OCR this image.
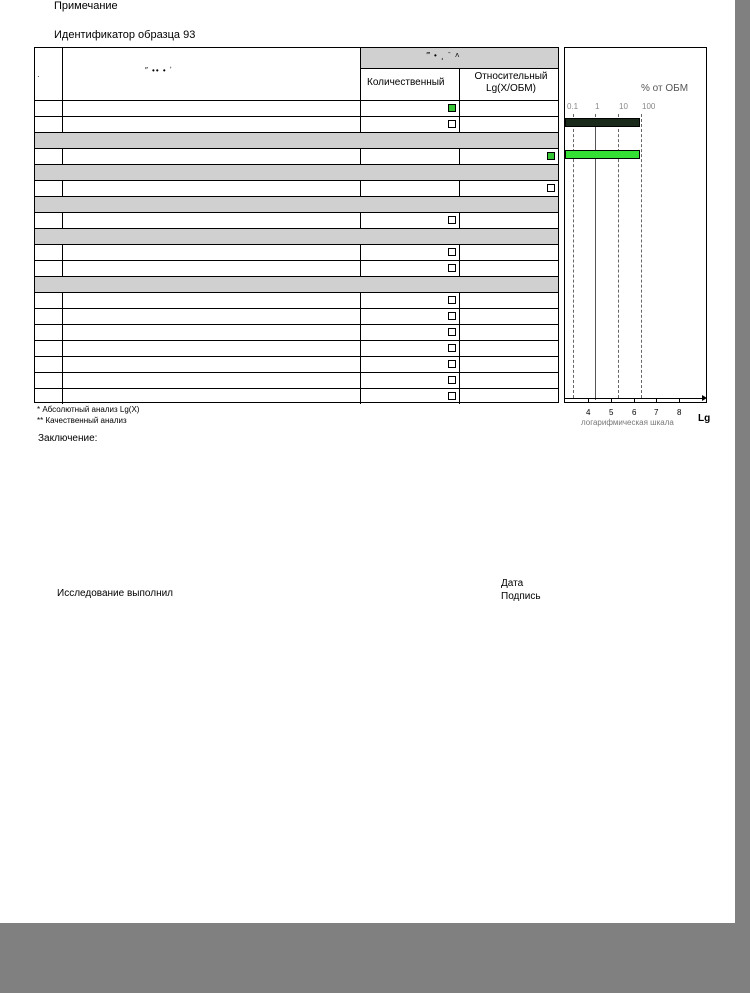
Примечание
Идентификатор образца 93
·
″ •• • ʼ
‴ • ¸ ˉ ˄
Количественный
Относительный
Lg(X/ОБМ)	% от ОБМ
0.1 1 10 100
4 5 6 7 8
Lg
логарифмическая шкала
* Абсолютный анализ Lg(X)
** Качественный анализ
Заключение:
Исследование выполнил
Дата
Подпись
